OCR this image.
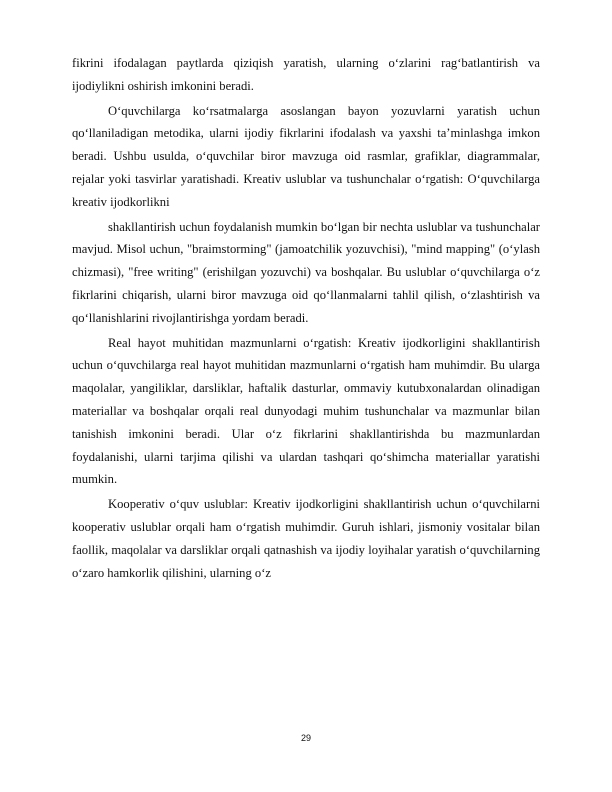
fikrini ifodalagan paytlarda qiziqish yaratish, ularning o‘zlarini rag‘batlantirish va ijodiylikni oshirish imkonini beradi.

O‘quvchilarga ko‘rsatmalarga asoslangan bayon yozuvlarni yaratish uchun qo‘llaniladigan metodika, ularni ijodiy fikrlarini ifodalash va yaxshi ta’minlashga imkon beradi. Ushbu usulda, o‘quvchilar biror mavzuga oid rasmlar, grafiklar, diagrammalar, rejalar yoki tasvirlar yaratishadi. Kreativ uslublar va tushunchalar o‘rgatish: O‘quvchilarga kreativ ijodkorlikni

shakllantirish uchun foydalanish mumkin bo‘lgan bir nechta uslublar va tushunchalar mavjud. Misol uchun, "braimstorming" (jamoatchilik yozuvchisi), "mind mapping" (o‘ylash chizmasi), "free writing" (erishilgan yozuvchi) va boshqalar. Bu uslublar o‘quvchilarga o‘z fikrlarini chiqarish, ularni biror mavzuga oid qo‘llanmalarni tahlil qilish, o‘zlashtirish va qo‘llanishlarini rivojlantirishga yordam beradi.

Real hayot muhitidan mazmunlarni o‘rgatish: Kreativ ijodkorligini shakllantirish uchun o‘quvchilarga real hayot muhitidan mazmunlarni o‘rgatish ham muhimdir. Bu ularga maqolalar, yangiliklar, darsliklar, haftalik dasturlar, ommaviy kutubxonalardan olinadigan materiallar va boshqalar orqali real dunyodagi muhim tushunchalar va mazmunlar bilan tanishish imkonini beradi. Ular o‘z fikrlarini shakllantirishda bu mazmunlardan foydalanishi, ularni tarjima qilishi va ulardan tashqari qo‘shimcha materiallar yaratishi mumkin.

Kooperativ o‘quv uslublar: Kreativ ijodkorligini shakllantirish uchun o‘quvchilarni kooperativ uslublar orqali ham o‘rgatish muhimdir. Guruh ishlari, jismoniy vositalar bilan faollik, maqolalar va darsliklar orqali qatnashish va ijodiy loyihalar yaratish o‘quvchilarning o‘zaro hamkorlik qilishini, ularning o‘z

29
